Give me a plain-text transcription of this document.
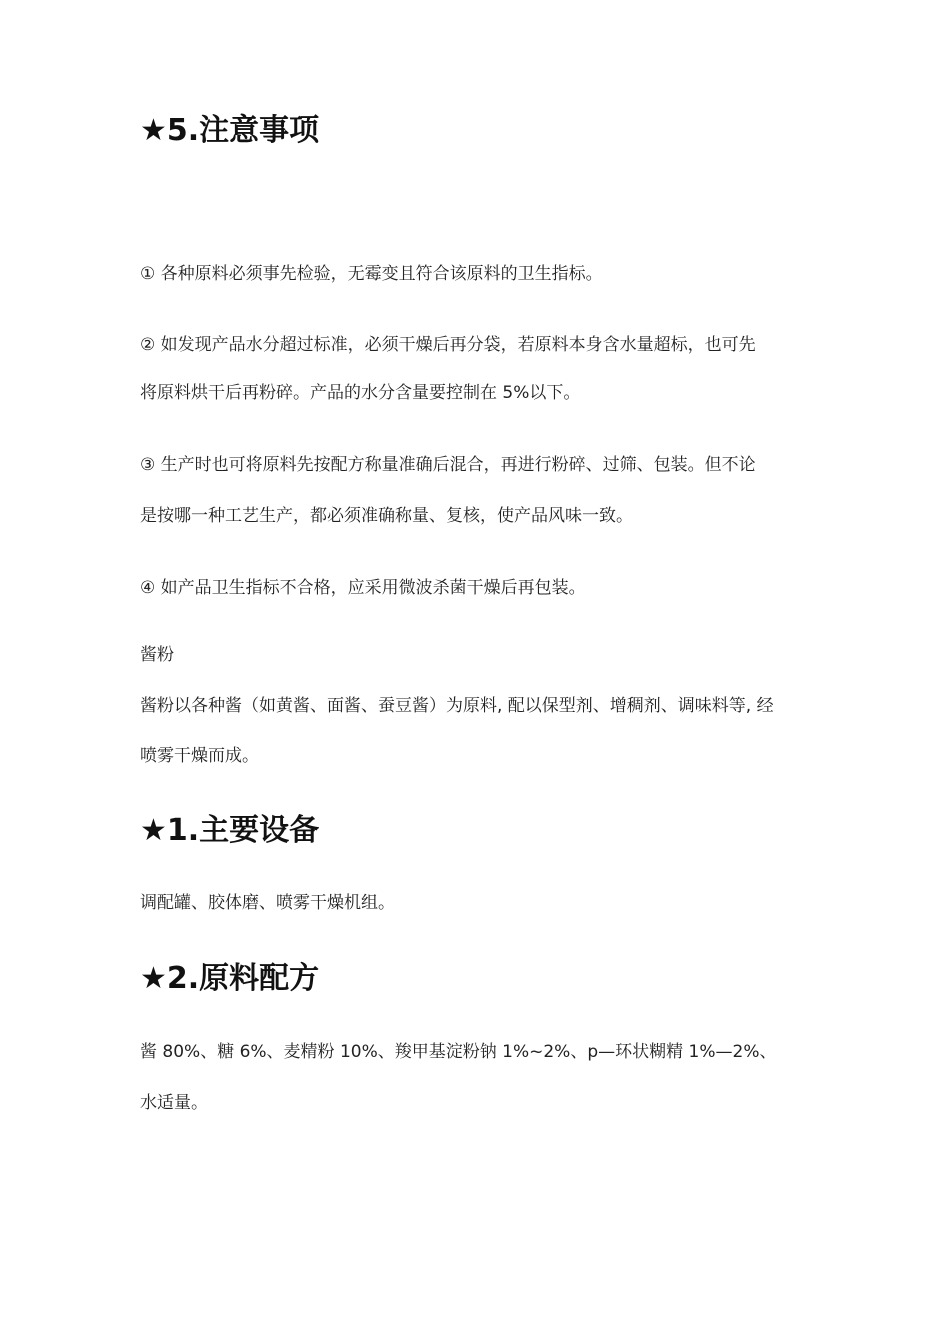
★5.注意事项
① 各种原料必须事先检验，无霉变且符合该原料的卫生指标。
② 如发现产品水分超过标准，必须干燥后再分袋，若原料本身含水量超标，也可先
将原料烘干后再粉碎。产品的水分含量要控制在 5%以下。
③ 生产时也可将原料先按配方称量准确后混合，再进行粉碎、过筛、包装。但不论
是按哪一种工艺生产，都必须准确称量、复核，使产品风味一致。
④ 如产品卫生指标不合格，应采用微波杀菌干燥后再包装。
酱粉
酱粉以各种酱（如黄酱、面酱、蚕豆酱）为原料, 配以保型剂、增稠剂、调味料等, 经
喷雾干燥而成。
★1.主要设备
调配罐、胶体磨、喷雾干燥机组。
★2.原料配方
酱 80%、糖 6%、麦精粉 10%、羧甲基淀粉钠 1%~2%、p—环状糊精 1%—2%、
水适量。
